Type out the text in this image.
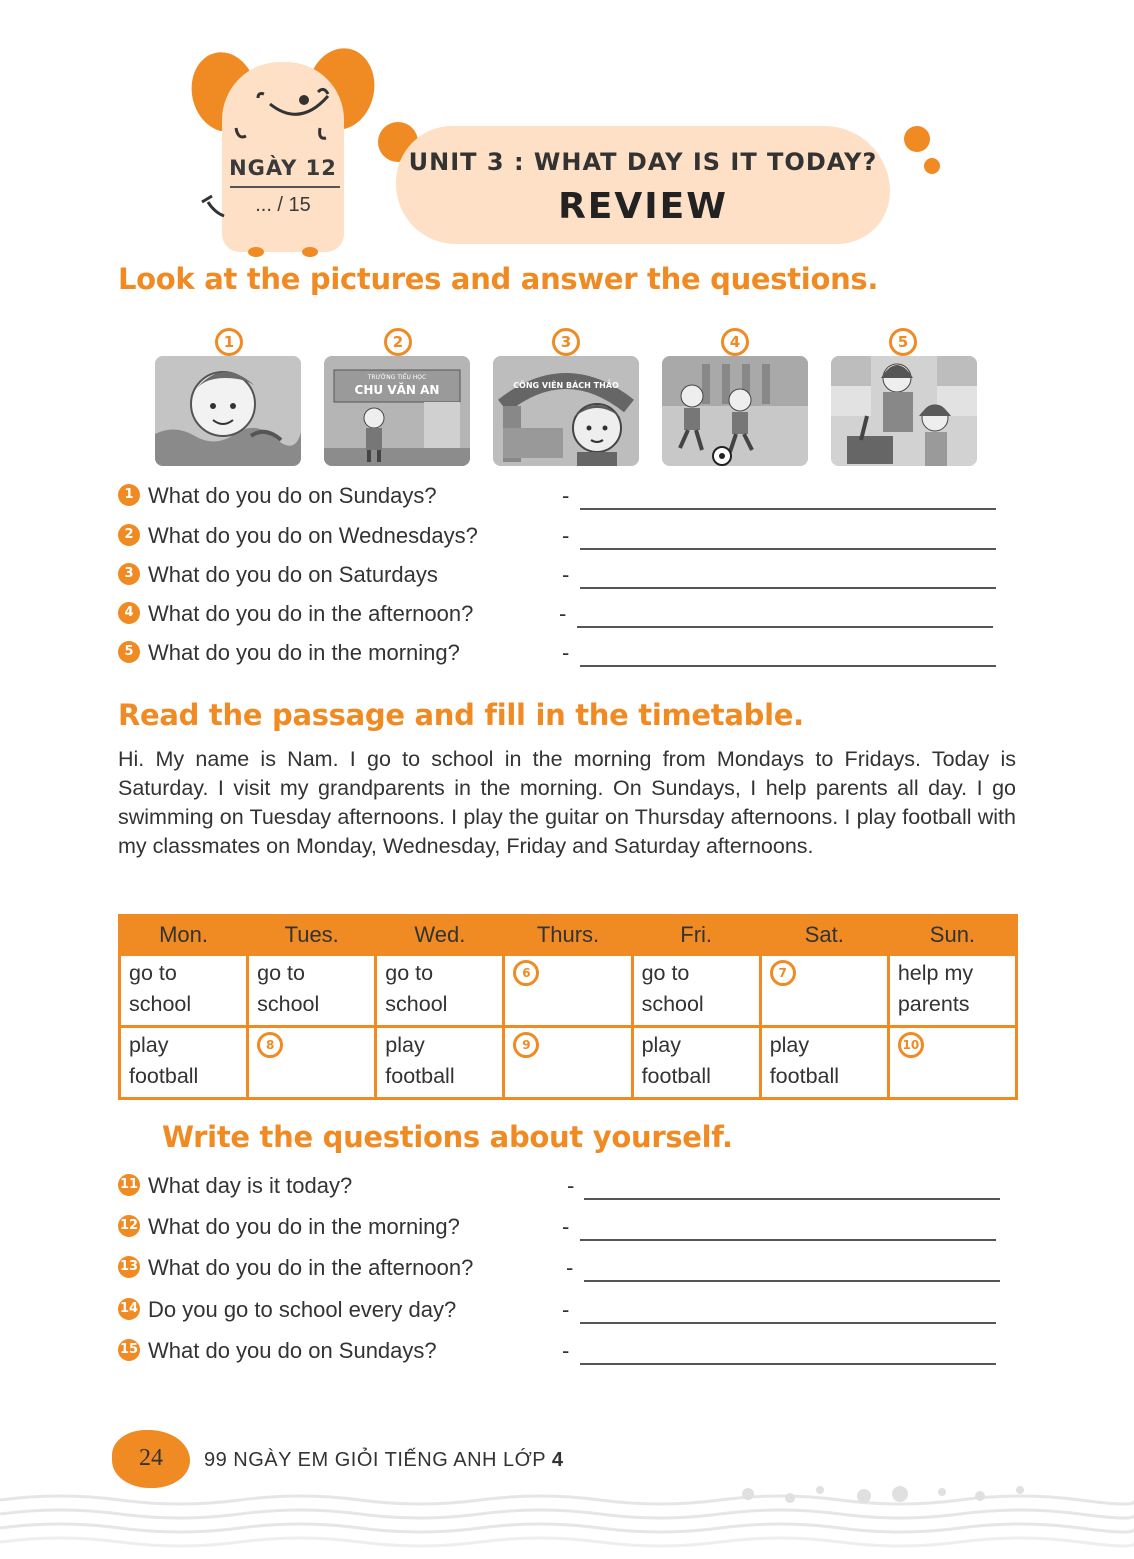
NGÀY 12
... / 15
UNIT 3 : WHAT DAY IS IT TODAY?
REVIEW
Look at the pictures and answer the questions.
1	2	3	4	5
TRƯỜNG TIỂU HỌC
CHU VĂN AN	CÔNG VIÊN BÁCH THẢO
1 What do you do on Sundays?	-
2 What do you do on Wednesdays?	-
3 What do you do on Saturdays	-
4 What do you do in the afternoon?	-
5 What do you do in the morning?	-
Read the passage and fill in the timetable.
Hi. My name is Nam. I go to school in the morning from Mondays to Fridays. Today is Saturday. I visit my grandparents in the morning. On Sundays, I help parents all day. I go swimming on Tuesday afternoons. I play the guitar on Thursday afternoons. I play football with my classmates on Monday, Wednesday, Friday and Saturday afternoons.
Mon.	Tues.	Wed.	Thurs.	Fri.	Sat.	Sun.
go to school	go to school	go to school	6	go to school	7	help my parents
play football	8	play football	9	play football	play football	10
Write the questions about yourself.
11 What day is it today?	-
12 What do you do in the morning?	-
13 What do you do in the afternoon?	-
14 Do you go to school every day?	-
15 What do you do on Sundays?	-
24	99 NGÀY EM GIỎI TIẾNG ANH LỚP 4
